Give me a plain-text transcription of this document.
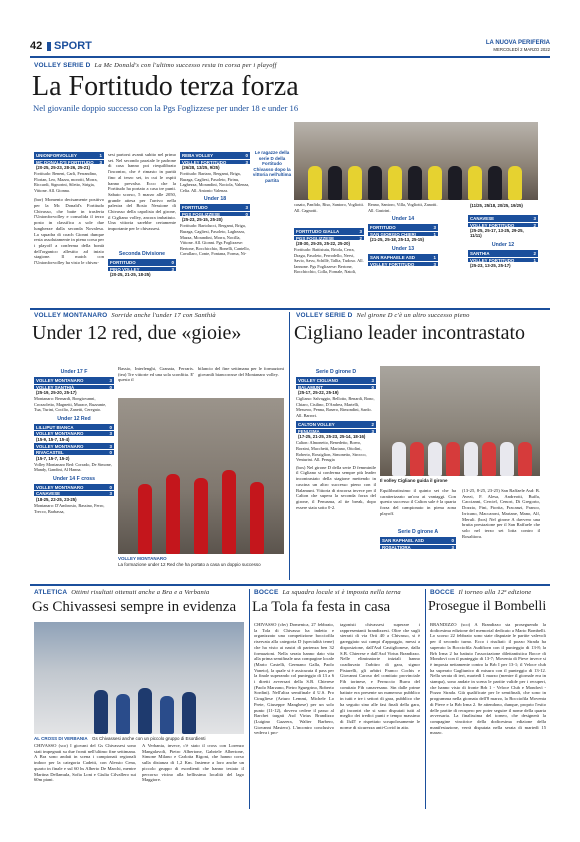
42 SPORT	LA NUOVA PERIFERIA
MERCOLEDÌ 2 MARZO 2022
VOLLEY SERIE D La Mc Donald's con l'ultimo successo resta in corsa per i playoff
La Fortitudo terza forza
Nel giovanile doppio successo con la Pgs Foglizzese per under 18 e under 16
UNIONFORVOLLEY	1
MC DONALD'S FORTITUDO 3
(20-25, 25-23, 28-26, 25-21)
Fortitudo: Beneni, Carli, Ferrandino, Florian, Leo, Mazza, morotti, Morra, Riccardi, Signorini, Siletto, Strigia, Vittone. All. Gionna.
(bor) Momento decisamente positivo per la Mc Donald's Fortitudo Chivasso, che batte in trasferta l'Unionforvolley e consolida il terzo posto in classifica a sole due lunghezze dalla seconda Novalesa. La squadra di coach Gionni dunque resta assolutamente in piena corsa per i playoff a conferma della bontà dell'organico allestito ad inizio stagione. Il match con l'Unionforvolley ha visto le chivas-
sesi partorsi avanti subito nel primo set. Nel secondo parziale le padrone di casa hanno poi riequilibrato l'incontro, che è rimasto in parità fino al terzo set, in cui le ospiti hanno prevalso. Ecco che la Fortitudo ha portato a casa tre punti. Sabato scorso, 5 marzo alle 2050, grande attesa per l'arrivo nella palestra del Bosio Nessione di Chivasso della capolista del girone, il Cigliano volley, ancora imbattuto. Una vittoria sarebbe certamente importante per le chivassesi.
Seconda Divisione
FORTITUDO	0
PINO VOLLEY	3
(20-25, 21-25, 18-25)
REBA VOLLEY	0
VOLLEY FORTITUDO	3
(26/28, 13/25, 9/25)
Fortitudo: Bartaro, Bergami, Briga, Buraga, Cagliesi, Fasoleto, Firinu, Laghezza, Morandini, Nociola, Valenza, Celia. All. Antonio Valenza.
Under 18
FORTITUDO	3
PGS FOGLIZZESE	0
(25-23, 25-15, 25-20)
Fortitudo: Bartolucci, Bergami, Briga, Buraga, Cagliesi, Fasoleto, Laghezza, Mazza, Morandini, Morra, Nocilla, Vittone. All. Gionni. Pgs Foglizzese: Bertone, Bocchicchio, Bonelli, Cantello, Cavallaro, Conte, Fontana, Forma, Ni-
Le ragazze della serie D della Fortitudo Chivasso dopo la vittoria nell'ultima partita
FORTITUDO GIALLA	3
PGS FOGLIZZESE	2
(28-30, 25-25, 25-22, 25-20)
Fortitudo: Battistutu, Briola, Cerra, Dragu, Fasoleto, Ferrodello, Nervi, Savio, Savu, Schillè, Tallia, Tudoso. All. Iannone. Pgs Foglizzese: Bertone, Bocchicchio, Colla, Fornale, Natoli,
casato, Panfido, Riso, Santoro, Vogliotti. All. Cagnotti.
Reano, Santoro, Villa, Vogliotti, Zanotti. All. Gastrini.
Under 14
FORTITUDO	3
SAN GIORGIO CHIERI	1
(21-25, 25-18, 25-13, 25-15)
Under 13
SAN RAPHAELE ASD	1
VOLLEY FORTITUDO	3
(11/25, 25/18, 20/25, 19/25)
CANAVESE	3
VOLLEY FORTITUDO	2
(25-25, 25-17, 13-25, 29-25, 11/11)
Under 12
SANTHIA	2
VOLLEY FORTITUDO	1
(25-23, 13-25, 25-17)
VOLLEY MONTANARO Sorride anche l'under 17 con Santhià
Under 12 red, due «gioie»
Under 17 F
VOLLEY MONTANARO	3
VOLLEY SANTHIÀ	0
(25-19, 25-20, 25-17)
Montanaro: Bernardi, Bongiovanni, Crozzoletto, Magnetti, Murace, Ruzzante, Tua, Turini, Cocilio, Zanetti, Ceregato.
Under 12 Red
LILLIPUT BIANCA	0
VOLLEY MONTANARO	3
(15-9, 15-7, 15-4)
VOLLEY MONTANARO	3
RIVACASTEL	0
(15-7, 15-7, 15-2)
Volley Montanaro Red: Corrado, De Simone, Mandy, Gandini, Al Hanna.
Under 14 F cross
VOLLEY MONTANARO	0
CANAVESE	3
(18-25, 22-25, 23-25)
Montanaro: D'Ambrosio, Bassino, Ferro, Trecco, Barbassa,
Bassio, Interlenghi, Granata, Ferraris. (tea) Tre vittorie ed una sola sconfitta. E' questo il
bilancio del fine settimana per le formazioni giovanili biancorosse del Montanaro volley.
VOLLEY MONTANARO
La formazione under 12 Red che ha portato a casa un doppio successo
VOLLEY SERIE D Nel girone D c'è un altro successo pieno
Cigliano leader incontrastato
Serie D girone D
VOLLEY CIGLIANO	3
BALAMUNT	0
(25-17, 25-22, 25-19)
Cigliano: Salvaggio, Bellotto, Benardi, Bono, Chiaro, Cisilino, D'Andrea, Martelli, Messeoo, Penna, Rasero, Rimondini, Sardo. All. Barrori.
CALTON VOLLEY	2
FENUSMA	3
(17-25, 21-25, 25-23, 25-14, 18-16)
Calton: Almonetto, Benedetto, Boero, Borzini, Macchetti, Mariano, Ottolini, Roberto, Rossiglion, Simonetto, Strocco, Venturini. All. Perugia
(bos) Nel girone D della serie D femminile il Cigliano si conferma sempre più leader incontrastato della stagione mettendo in cascina un altro successo pieno con il Balamunt. Vittoria di rincorsa invece per il Calton che supera la seconda forza del girone, il Fenusma, al tie break, dopo essere stata sotto 0-2.
Il volley Cigliano guida il girone
Equilibratissimo il quinto set che ha caratterizzato un'ora ai vantaggi. Con questo successo il Calton sale è la quarta forza del campionato in piena zona playoff.
Serie D girone A
SAN RAPHAEL ASD	0
ROSALTIORA	3
(13-25, 8-25, 23-25) San Raffaele Asd: B. Avezi, F. Alesa, Andreotti, Buffa, Caccianni, Cerciel, Cenori, Di Gregorio, Dozzio, Fini, Fiorita, Fracanzi, Franco, Irricano, Maccaroni, Mariane, Mano, Alf, Meruli. (bos) Nel girone A davvero una brutta prestazione per il San Raffaele che solo nel terzo set lotta contro il Rosaltiora.
ATLETICA Ottimi risultati ottenuti anche a Bra e a Verbania
Gs Chivassesi sempre in evidenza
AL CROSS DI VERBANIA Gs Chivassesi anche con un piccolo gruppo di Esordienti
CHIVASSO (sco) I giovani del Gs Chivassesi sono stati impegnati su due fronti nell'ultimo fine settimana. A Bra sono andati in scena i campionati regionali indoor per la categoria Cadetti, con Alessio Cena, quarto in finale e sul 60 hs Alberto De Marchi, mentre Martina Dellamula, Sofia Loni e Giulia Cilvallero sui 60m piani.
A Verbania, invece, c'è stato il cross con Lorenzo Mangalavoli, Pietro Albertone, Gabriele Albertone, Simone Milano e Carlotta Rigoni, che hanno corso sulla distanza di 1,2 Km. Insieme a loro anche un piccolo gruppo di esordienti che hanno testato il percorso vicino alla bellissima località del lago Maggiore.
BOCCE La squadra locale si è imposta nella terna
La Tola fa festa in casa
CHIVASSO (chv) Domenica, 27 febbraio, la Tola di Chivasso ha indetto e organizzato una competizione bocciofila riservata alla categoria D (specialità terne) che ha visto ai nastri di partenza ben 32 formazioni. Nella serata hanno dato vita alla prima semifinale una compagine locale (Mario Castelli, Germano Galla, Paolo Vaneto), la quale si è assicurata il pass per la finale superando col punteggio di 13 a 6 i diretti avversari della S.B. Chierese (Paolo Marzano, Pietro Sguegrino, Roberto Sordini). Nell'altra semifinale il U.S. Pro Cirugliese (Arturo Lemmi, Michele Lo Prete, Giuseppe Manghese) per un solo punto (11-12), doveva cedere il passo al Barchet targati Asd Virtus Brandizzo (Luigino Gazzera, Walter Barbero, Giovanni Masiero). L'incontro conclusivo vedeva i pro-
tagonisti chivassesi superare i rappresentanti brandizzesi. Oltre che sugli sterrati di via Orti 40 a Chivasso, si è gareggiato sui campi d'appoggio, messi a disposizione, dall'Asd Castiglionese, dalla S.B. Chierese e dall'Asd Virtus Brandizzo. Nelle eliminatorie iniziali hanno coadiuvato l'arbitro di gara, signor Pistarelli, gli arbitri Franco Cochis e Giovanni Caroso del comitato provinciale Fib torinese, e Ferruccio Burra del comitato Fib canavesano. Sin dalle prime battute era presente un numeroso pubblico in tutti e tre i settori di gara, pubblico che ha seguito sino alle fasi finali della gara, gli incontri che si sono disputati tutti al meglio dei tredici punti e tempo massimo di 1h45' e rispettato scrupolosamente le norme di sicurezza anti-Covid in atto.
BOCCE Il torneo alla 12ª edizione
Prosegue il Bombelli
BRANDIZZO (sco) A Brandizzo sta proseguendo la dodicesima edizione del memorial dedicato a Mario Bombelli. Lo scorso 22 febbraio sono state disputate le partite valevoli per il secondo turno. Ecco i risultati: il pozzo Strada ha superato la Bocciofila Audifiorn con il punteggio di 13-8; la Brb Irma 2 ha battuto l'associazione dilettantistica Bocce di Mondovì con il punteggio di 13-7; Moventa di Pieve invece si è imposta nettamente contro la Brb I per 13-1; il Veloce club ha superato Gagliunico di misura con il punteggio di 13-12. Nella serata di ieri, martedì 1 marzo (mentre il giornale era in stampa), sono andate in scena le partite valide per i recuperi, che hanno visto di fronte Brb 1 - Veloce Club e Mondovì - Pozzo Strada. Già qualificate per le semifinali, che sono in programma nella giornata dell'8 marzo, la Bocciofila Moventa di Pieve e la Brb Irma 2. Se attendono, dunque, proprio l'esito delle partite di recupero per poter seguire il nome della quarta avversaria. La finalissima del torneo, che designerà la compagine vincitrice della dodicesima edizione della manifestazione, verrà disputata nella serata di martedì 15 marzo.
